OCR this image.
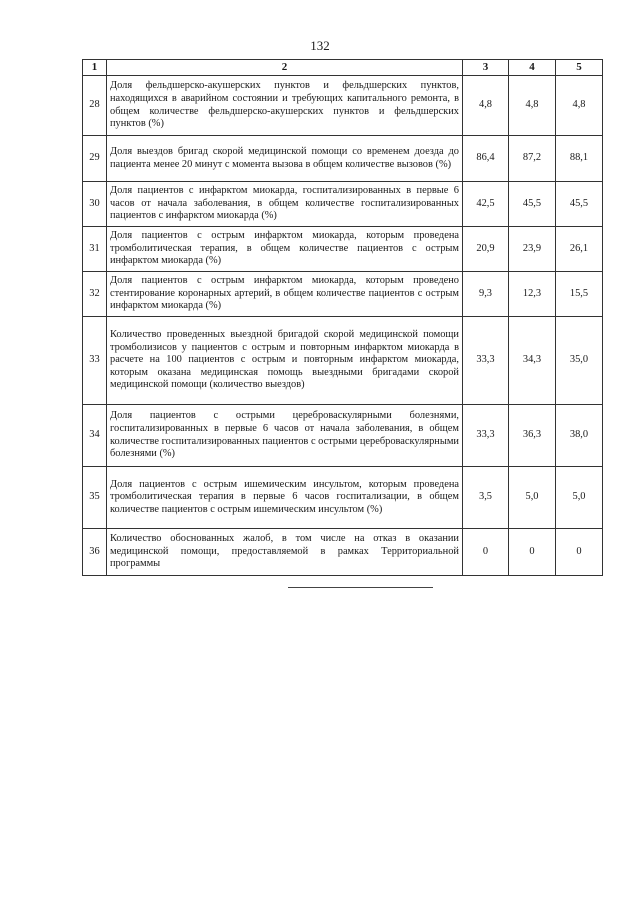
132
1	2	3	4	5
28	Доля фельдшерско-акушерских пунктов и фельдшерских пунктов, находящихся в аварийном состоянии и требующих капитального ремонта, в общем количестве фельдшерско-акушерских пунктов и фельдшерских пунктов (%)	4,8	4,8	4,8
29	Доля выездов бригад скорой медицинской помощи со временем доезда до пациента менее 20 минут с момента вызова в общем количестве вызовов (%)	86,4	87,2	88,1
30	Доля пациентов с инфарктом миокарда, госпитализированных в первые 6 часов от начала заболевания, в общем количестве госпитализированных пациентов с инфарктом миокарда (%)	42,5	45,5	45,5
31	Доля пациентов с острым инфарктом миокарда, которым проведена тромболитическая терапия, в общем количестве пациентов с острым инфарктом миокарда (%)	20,9	23,9	26,1
32	Доля пациентов с острым инфарктом миокарда, которым проведено стентирование коронарных артерий, в общем количестве пациентов с острым инфарктом миокарда (%)	9,3	12,3	15,5
33	Количество проведенных выездной бригадой скорой медицинской помощи тромболизисов у пациентов с острым и повторным инфарктом миокарда в расчете на 100 пациентов с острым и повторным инфарктом миокарда, которым оказана медицинская помощь выездными бригадами скорой медицинской помощи (количество выездов)	33,3	34,3	35,0
34	Доля пациентов с острыми цереброваскулярными болезнями, госпитализированных в первые 6 часов от начала заболевания, в общем количестве госпитализированных пациентов с острыми цереброваскулярными болезнями (%)	33,3	36,3	38,0
35	Доля пациентов с острым ишемическим инсультом, которым проведена тромболитическая терапия в первые 6 часов госпитализации, в общем количестве пациентов с острым ишемическим инсультом (%)	3,5	5,0	5,0
36	Количество обоснованных жалоб, в том числе на отказ в оказании медицинской помощи, предоставляемой в рамках Территориальной программы	0	0	0
